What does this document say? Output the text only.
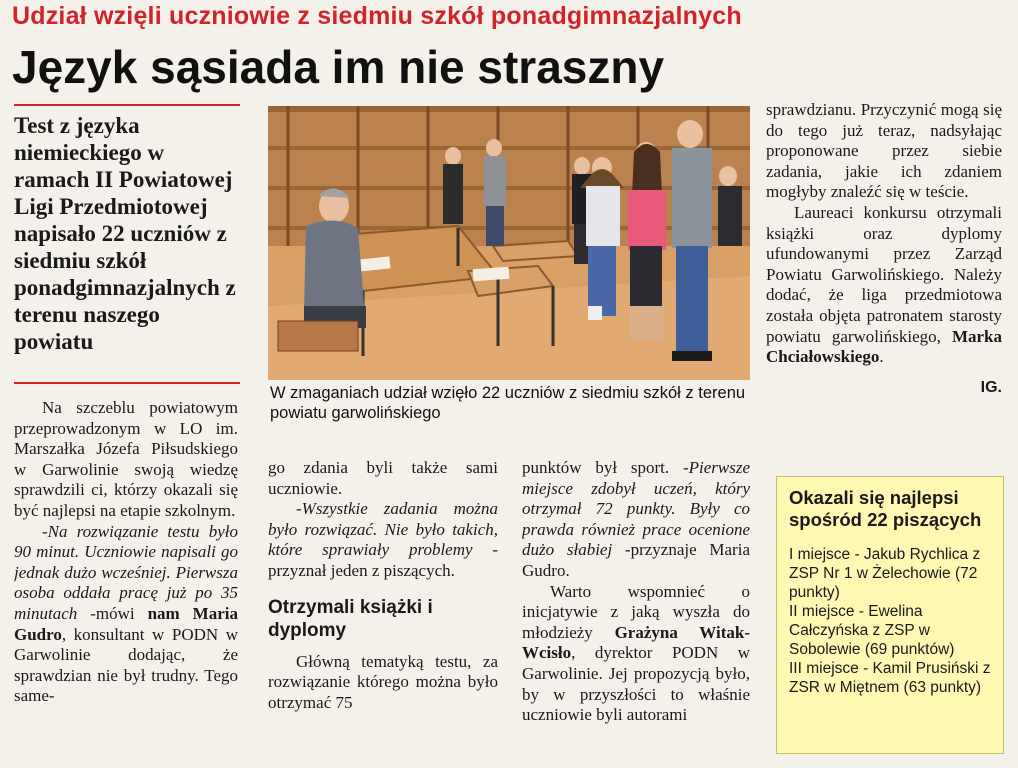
Udział wzięli uczniowie z siedmiu szkół ponadgimnazjalnych
Język sąsiada im nie straszny
Test z języka niemieckiego w ramach II Powiatowej Ligi Przedmiotowej napisało 22 uczniów z siedmiu szkół ponadgimnazjalnych z terenu naszego powiatu
W zmaganiach udział wzięło 22 uczniów z siedmiu szkół z terenu powiatu garwolińskiego

Na szczeblu powiatowym przeprowadzonym w LO im. Marszałka Józefa Piłsudskiego w Garwolinie swoją wiedzę sprawdzili ci, którzy okazali się być najlepsi na etapie szkolnym.

-Na rozwiązanie testu było 90 minut. Uczniowie napisali go jednak dużo wcześniej. Pierwsza osoba oddała pracę już po 35 minutach -mówi nam Maria Gudro, konsultant w PODN w Garwolinie dodając, że sprawdzian nie był trudny. Tego same-

go zdania byli także sami uczniowie.

-Wszystkie zadania można było rozwiązać. Nie było takich, które sprawiały problemy -przyznał jeden z piszących.

Otrzymali książki i dyplomy

Główną tematyką testu, za rozwiązanie którego można było otrzymać 75

punktów był sport. -Pierwsze miejsce zdobył uczeń, który otrzymał 72 punkty. Były co prawda również prace ocenione dużo słabiej -przyznaje Maria Gudro.

Warto wspomnieć o inicjatywie z jaką wyszła do młodzieży Grażyna Witak-Wcisło, dyrektor PODN w Garwolinie. Jej propozycją było, by w przyszłości to właśnie uczniowie byli autorami

sprawdzianu. Przyczynić mogą się do tego już teraz, nadsyłając proponowane przez siebie zadania, jakie ich zdaniem mogłyby znaleźć się w teście.

Laureaci konkursu otrzymali książki oraz dyplomy ufundowanymi przez Zarząd Powiatu Garwolińskiego. Należy dodać, że liga przedmiotowa została objęta patronatem starosty powiatu garwolińskiego, Marka Chciałowskiego.

IG.
Okazali się najlepsi spośród 22 piszących
I miejsce - Jakub Rychlica z ZSP Nr 1 w Żelechowie (72 punkty)
II miejsce - Ewelina Całczyńska z ZSP w Sobolewie (69 punktów)
III miejsce - Kamil Prusiński z ZSR w Miętnem (63 punkty)
